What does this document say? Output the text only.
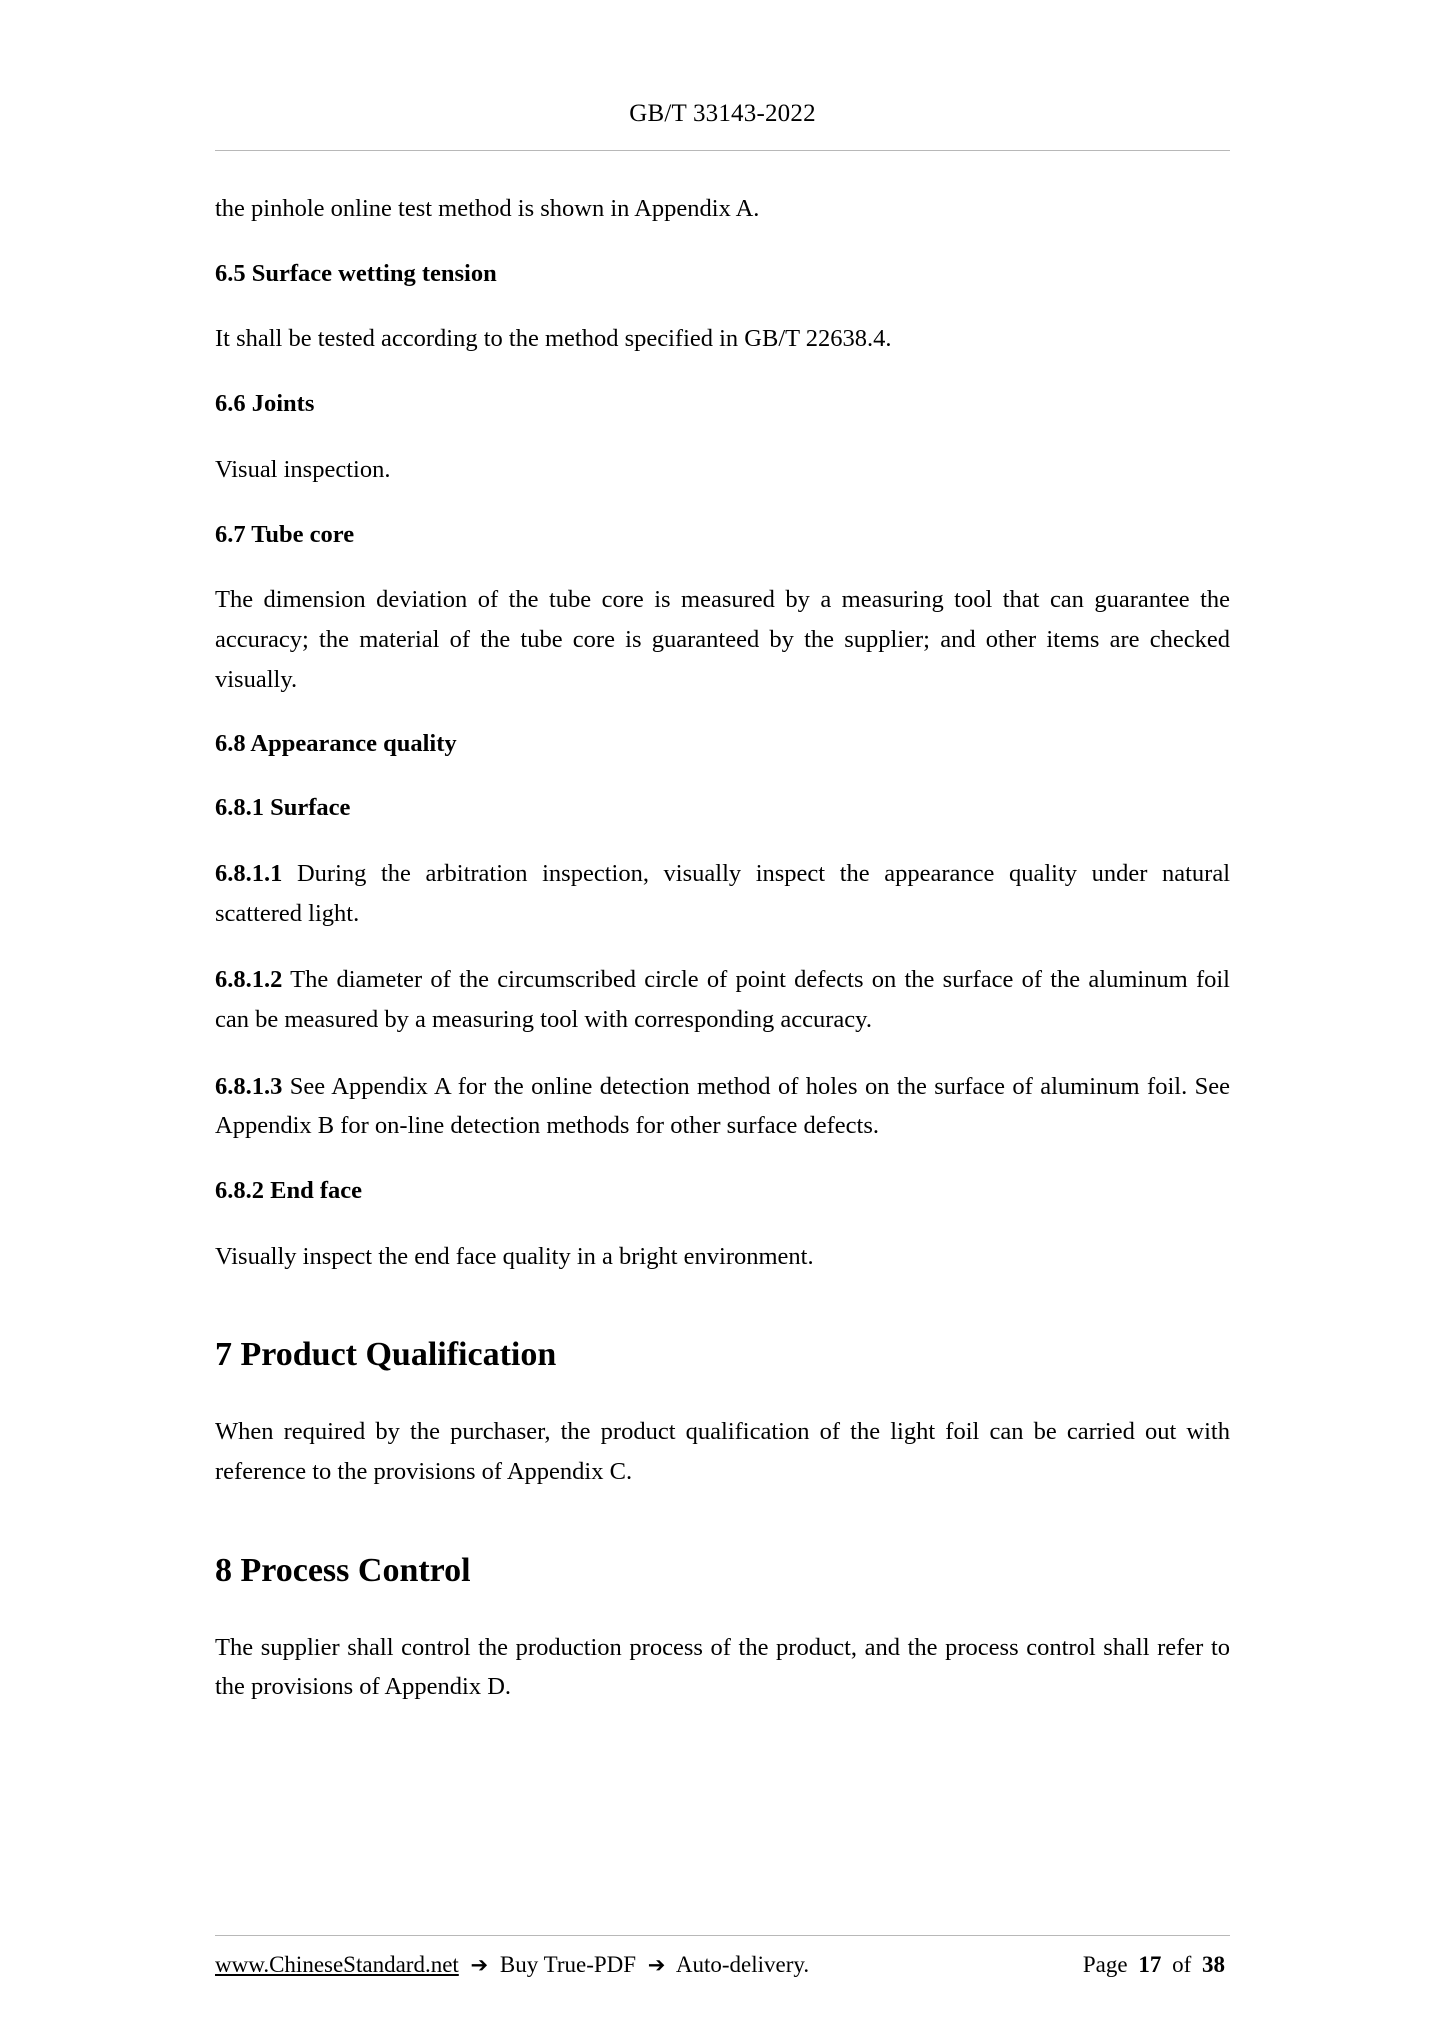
GB/T 33143-2022

the pinhole online test method is shown in Appendix A.

6.5 Surface wetting tension

It shall be tested according to the method specified in GB/T 22638.4.

6.6 Joints

Visual inspection.

6.7 Tube core

The dimension deviation of the tube core is measured by a measuring tool that can guarantee the accuracy; the material of the tube core is guaranteed by the supplier; and other items are checked visually.

6.8 Appearance quality
6.8.1 Surface

6.8.1.1 During the arbitration inspection, visually inspect the appearance quality under natural scattered light.

6.8.1.2 The diameter of the circumscribed circle of point defects on the surface of the aluminum foil can be measured by a measuring tool with corresponding accuracy.

6.8.1.3 See Appendix A for the online detection method of holes on the surface of aluminum foil. See Appendix B for on-line detection methods for other surface defects.

6.8.2 End face

Visually inspect the end face quality in a bright environment.

7 Product Qualification

When required by the purchaser, the product qualification of the light foil can be carried out with reference to the provisions of Appendix C.

8 Process Control

The supplier shall control the production process of the product, and the process control shall refer to the provisions of Appendix D.

www.ChineseStandard.net ➔ Buy True-PDF ➔ Auto-delivery.	Page 17 of 38
